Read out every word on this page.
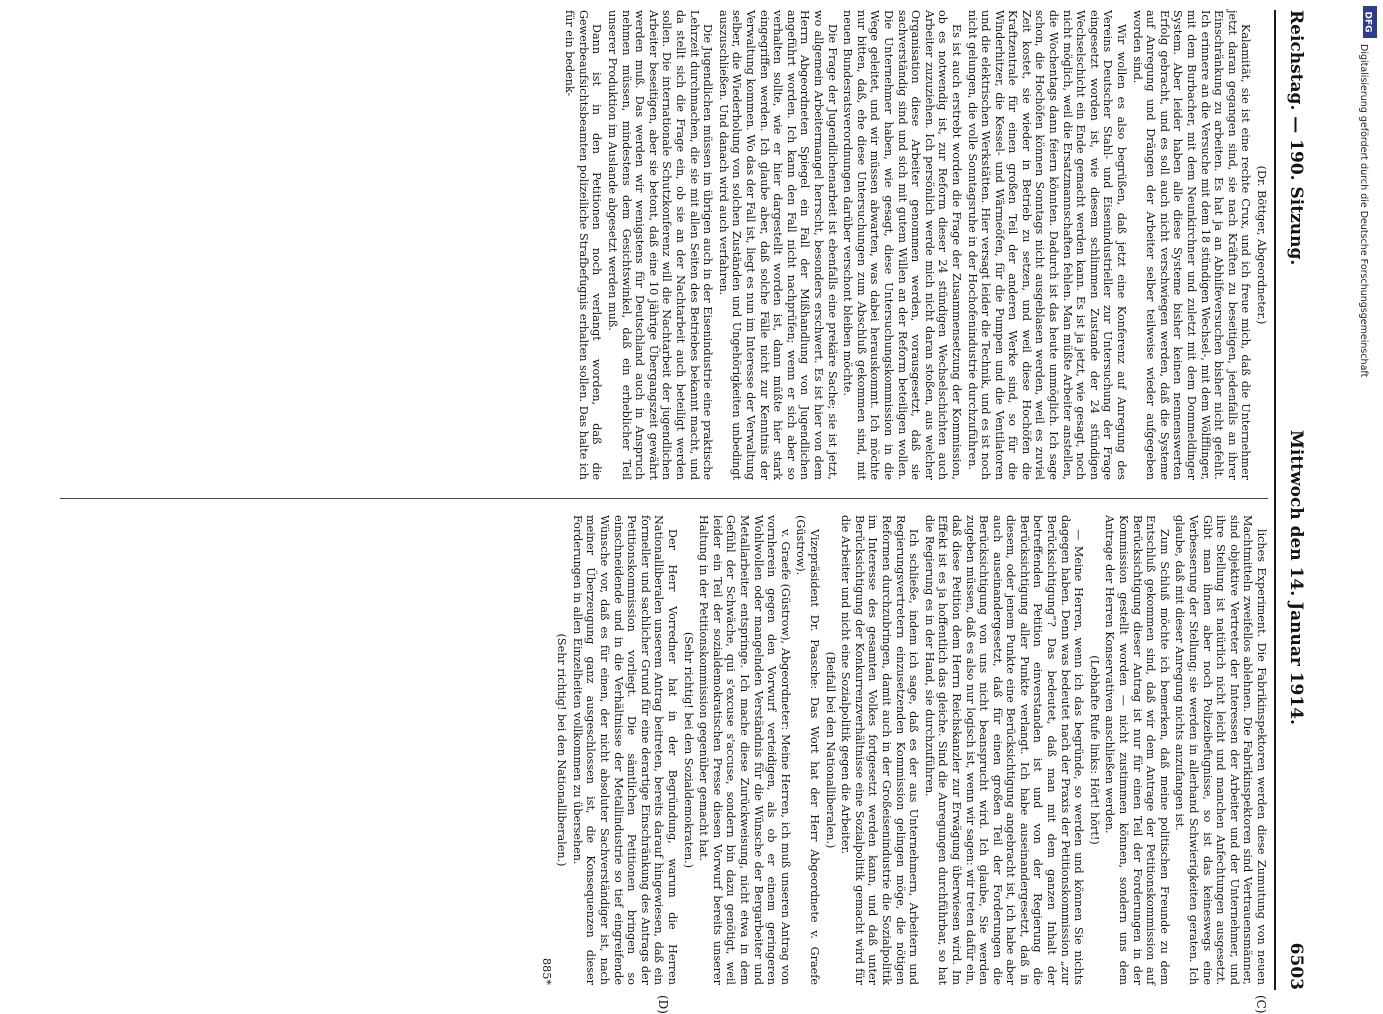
Reichstag. — 190. Sitzung.
Mittwoch den 14. Januar 1914.
6503
(C)
(D)

(Dr. Böttger, Abgeordneter.)

Kalamität, sie ist eine rechte Crux, und ich freue mich, daß die Unternehmer jetzt daran gegangen sind, sie nach Kräften zu beseitigen, jedenfalls an ihrer Einschränkung zu arbeiten. Es hat ja an Abhilfeversuchen bisher nicht gefehlt. Ich erinnere an die Versuche mit dem 18 stündigen Wechsel-, mit dem Wölfflinger, mit dem Burbacher, mit dem Neunkirchner und zuletzt mit dem Dommeldinger System. Aber leider haben alle diese Systeme bisher keinen nennenswerten Erfolg gebracht, und es soll auch nicht verschwiegen werden, daß die Systeme auf Anregung und Drängen der Arbeiter selber teilweise wieder aufgegeben worden sind.

Wir wollen es also begrüßen, daß jetzt eine Konferenz auf Anregung des Vereins Deutscher Stahl- und Eisenindustrieller zur Untersuchung der Frage eingesetzt worden ist, wie diesem schlimmen Zustande der 24 stündigen Wechselschicht ein Ende gemacht werden kann. Es ist ja jetzt, wie gesagt, noch nicht möglich, weil die Ersatzmannschaften fehlen. Man müßte Arbeiter anstellen, die Wochentags dann feiern könnten. Dadurch ist das heute unmöglich. Ich sage schon, die Hochöfen können Sonntags nicht ausgeblasen werden, weil es zuviel Zeit kostet, sie wieder in Betrieb zu setzen, und weil diese Hochöfen die Kraftzentrale für einen großen Teil der anderen Werke sind, so für die Winderhitzer, die Kessel- und Wärmeöfen, für die Pumpen und die Ventilatoren und die elektrischen Werkstätten. Hier versagt leider die Technik, und es ist noch nicht gelungen, die volle Sonntagsruhe in der Hochofenindustrie durchzuführen.

Es ist auch erstrebt worden die Frage der Zusammensetzung der Kommission, ob es notwendig ist, zur Reform dieser 24 stündigen Wechselschichten auch Arbeiter zuzuziehen. Ich persönlich werde mich nicht daran stoßen, aus welcher Organisation diese Arbeiter genommen werden, vorausgesetzt, daß sie sachverständig sind und sich mit gutem Willen an der Reform beteiligen wollen. Die Unternehmer haben, wie gesagt, diese Untersuchungskommission in die Wege geleitet, und wir müssen abwarten, was dabei herauskommt. Ich möchte nur bitten, daß, ehe diese Untersuchungen zum Abschluß gekommen sind, mit neuen Bundesratsverordnungen darüber verschont bleiben möchte.

Die Frage der Jugendlichenarbeit ist ebenfalls eine prekäre Sache; sie ist jetzt, wo allgemein Arbeitermangel herrscht, besonders erschwert. Es ist hier von dem Herrn Abgeordneten Spiegel ein Fall der Mißhandlung von Jugendlichen angeführt worden. Ich kann den Fall nicht nachprüfen; wenn er sich aber so verhalten sollte, wie er hier dargestellt worden ist, dann müßte hier stark eingegriffen werden. Ich glaube aber, daß solche Fälle nicht zur Kenntnis der Verwaltung kommen. Wo das der Fall ist, liegt es nun im Interesse der Verwaltung selber, die Wiederholung von solchen Zuständen und Ungehörigkeiten unbedingt auszuschließen. Und danach wird auch verfahren.

Die Jugendlichen müssen im übrigen auch in der Eisenindustrie eine praktische Lehrzeit durchmachen, die sie mit allen Seiten des Betriebes bekannt macht, und da stellt sich die Frage ein, ob sie an der Nachtarbeit auch beteiligt werden sollen. Die internationale Schutzkonferenz will die Nachtarbeit der jugendlichen Arbeiter beseitigen, aber sie betont, daß eine 10 jährige Übergangszeit gewährt werden muß. Das werden wir wenigstens für Deutschland auch in Anspruch nehmen müssen, mindestens dem Gesichtswinkel, daß ein erheblicher Teil unserer Produktion im Auslande abgesetzt werden muß.

Dann ist in den Petitionen noch verlangt worden, daß die Gewerbeaufsichtsbeamten polizeiliche Strafbefugnis erhalten sollen. Das halte ich für ein bedenk-

liches Experiment. Die Fabrikinspektoren werden diese Zumutung von neuen Machtmitteln zweifellos ablehnen. Die Fabrikinspektoren sind Vertrauensmänner, sind objektive Vertreter der Interessen der Arbeiter und der Unternehmer, und ihre Stellung ist natürlich nicht leicht und manchen Anfechtungen ausgesetzt. Gibt man ihnen aber noch Polizeibefugnisse, so ist das keineswegs eine Verbesserung der Stellung; sie werden in allerhand Schwierigkeiten geraten. Ich glaube, daß mit dieser Anregung nichts anzufangen ist.

Zum Schluß möchte ich bemerken, daß meine politischen Freunde zu dem Entschluß gekommen sind, daß wir dem Antrage der Petitionskommission auf Berücksichtigung dieser Antrag ist nur für einen Teil der Forderungen in der Kommission gestellt worden — nicht zustimmen können, sondern uns dem Antrage der Herren Konservativen anschließen werden.

(Lebhafte Rufe links: Hört! hört!)

— Meine Herren, wenn ich das begründe, so werden und können Sie nichts dagegen haben. Denn was bedeutet nach der Praxis der Petitionskommission „zur Berücksichtigung“? Das bedeutet, daß man mit dem ganzen Inhalt der betreffenden Petition einverstanden ist und von der Regierung die Berücksichtigung aller Punkte verlangt. Ich habe auseinandergesetzt, daß in diesem, oder jenem Punkte eine Berücksichtigung angebracht ist, ich habe aber auch auseinandergesetzt, daß für einen großen Teil der Forderungen die Berücksichtigung von uns nicht beansprucht wird. Ich glaube, Sie werden zugeben müssen, daß es also nur logisch ist, wenn wir sagen: wir treten dafür ein, daß diese Petition dem Herrn Reichskanzler zur Erwägung überwiesen wird. Im Effekt ist es ja hoffentlich das gleiche. Sind die Anregungen durchführbar, so hat die Regierung es in der Hand, sie durchzuführen.

Ich schließe, indem ich sage, daß es der aus Unternehmern, Arbeitern und Regierungsvertretern einzusetzenden Kommission gelingen möge, die nötigen Reformen durchzubringen, damit auch in der Großeisenindustrie die Sozialpolitik im Interesse des gesamten Volkes fortgesetzt werden kann, und daß unter Berücksichtigung der Konkurrenzverhältnisse eine Sozialpolitik gemacht wird für die Arbeiter und nicht eine Sozialpolitik gegen die Arbeiter.

(Beifall bei den Nationalliberalen.)

Vizepräsident Dr. Paasche: Das Wort hat der Herr Abgeordnete v. Graefe (Güstrow).

v. Graefe (Güstrow), Abgeordneter: Meine Herren, ich muß unseren Antrag von vornherein gegen den Vorwurf verteidigen, als ob er einem geringeren Wohlwollen oder mangelnden Verständnis für die Wünsche der Bergarbeiter und Metallarbeiter entspringe. Ich mache diese Zurückweisung, nicht etwa in dem Gefühl der Schwäche, qui s'excuse s'accuse, sondern bin dazu genötigt, weil leider ein Teil der sozialdemokratischen Presse diesen Vorwurf bereits unserer Haltung in der Petitionskommission gegenüber gemacht hat.

(Sehr richtig! bei den Sozialdemokraten.)

Der Herr Vorredner hat in der Begründung, warum die Herren Nationalliberalen unserem Antrag beitreten, bereits darauf hingewiesen, daß ein formeller und sachlicher Grund für eine derartige Einschränkung des Antrags der Petitionskommission vorliegt. Die sämtlichen Petitionen bringen so einschneidende und in die Verhältnisse der Metallindustrie so tief eingreifende Wünsche vor, daß es für einen, der nicht absoluter Sachverständiger ist, nach meiner Überzeugung ganz ausgeschlossen ist, die Konsequenzen dieser Forderungen in allen Einzelheiten vollkommen zu übersehen.

(Sehr richtig! bei den Nationalliberalen.)

885*

DFG
Digitalisierung gefördert durch die Deutsche Forschungsgemeinschaft
